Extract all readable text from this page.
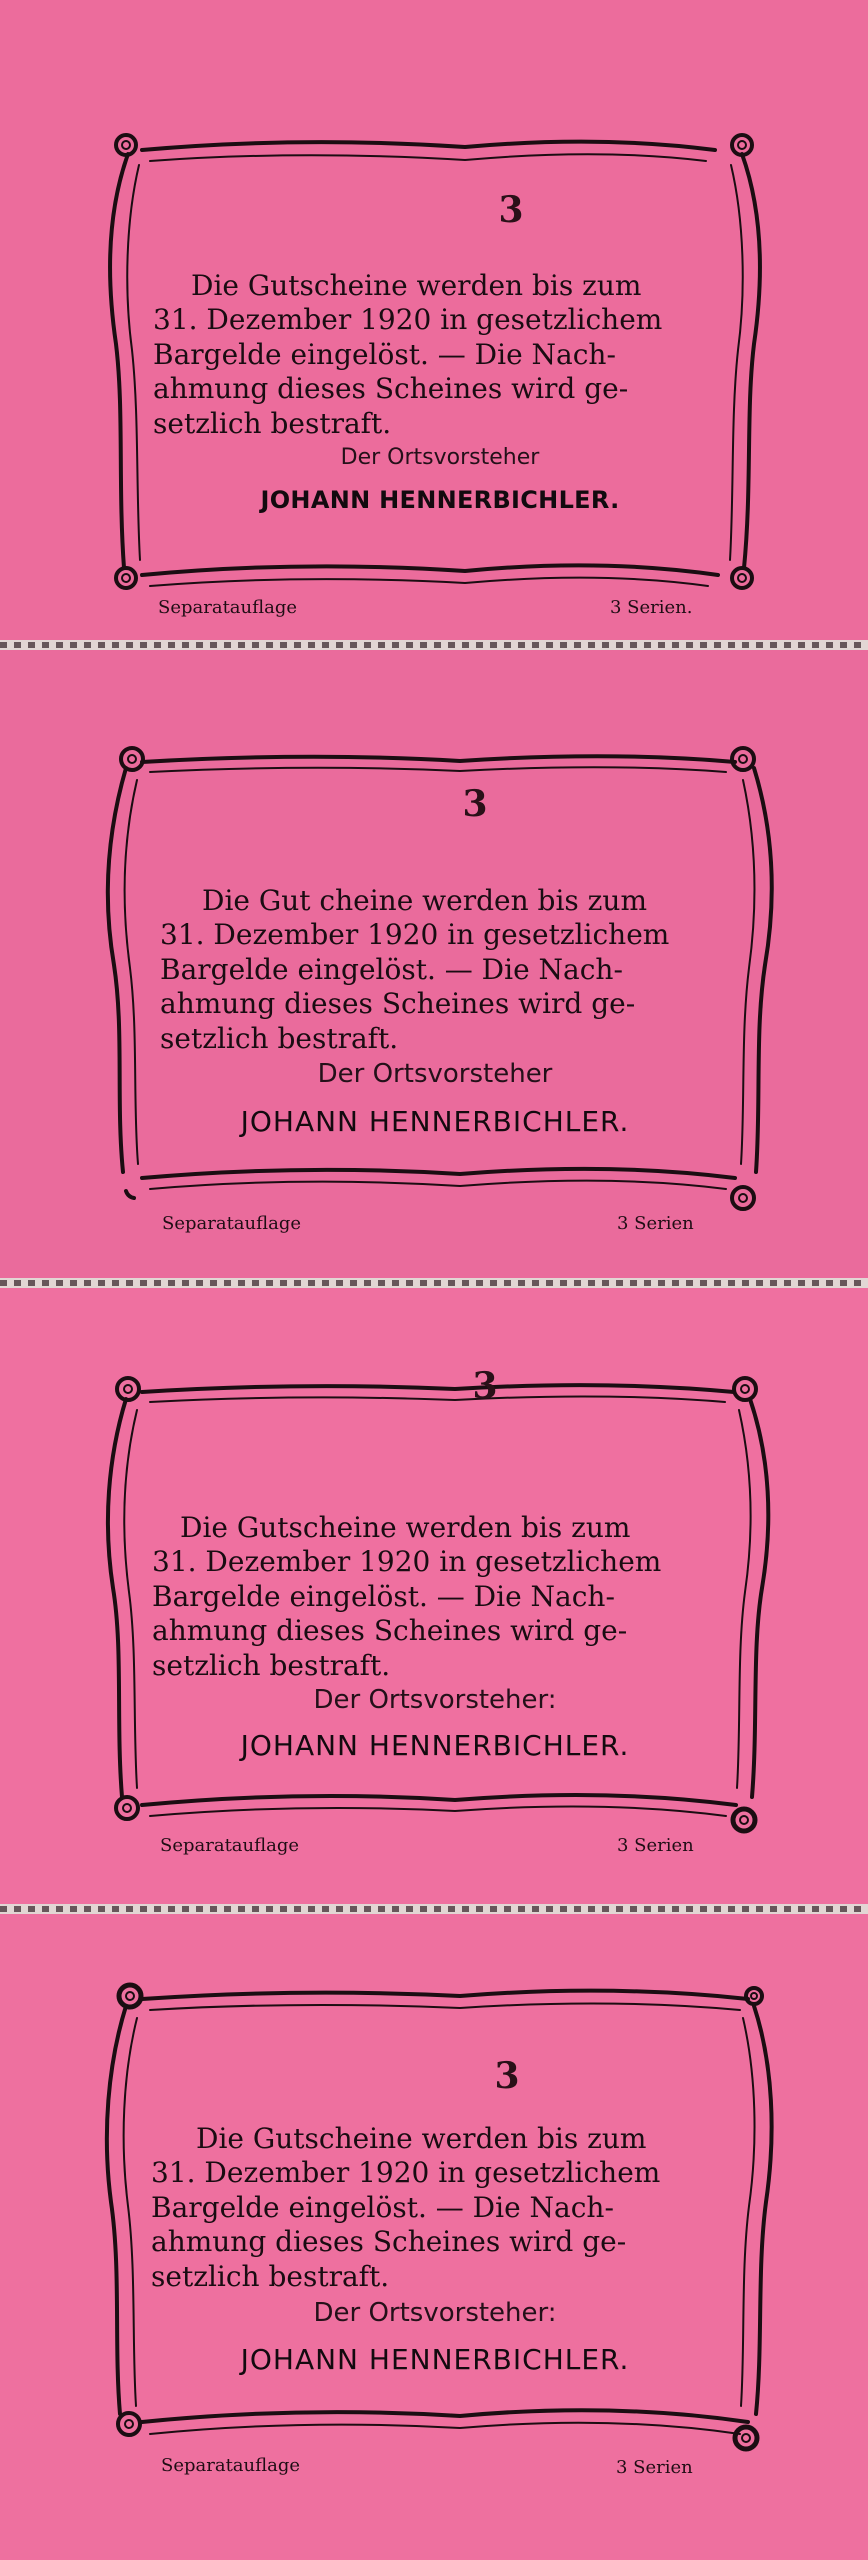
3
Die Gutscheine werden bis zum
31. Dezember 1920 in gesetzlichem
Bargelde eingelöst. — Die Nach-
ahmung dieses Scheines wird ge-
setzlich bestraft.
Der Ortsvorsteher
JOHANN HENNERBICHLER.
Separatauflage	3 Serien.
3
Die Gut cheine werden bis zum
31. Dezember 1920 in gesetzlichem
Bargelde eingelöst. — Die Nach-
ahmung dieses Scheines wird ge-
setzlich bestraft.
Der Ortsvorsteher
JOHANN HENNERBICHLER.
Separatauflage	3 Serien
3
Die Gutscheine werden bis zum
31. Dezember 1920 in gesetzlichem
Bargelde eingelöst. — Die Nach-
ahmung dieses Scheines wird ge-
setzlich bestraft.
Der Ortsvorsteher:
JOHANN HENNERBICHLER.
Separatauflage	3 Serien
3
Die Gutscheine werden bis zum
31. Dezember 1920 in gesetzlichem
Bargelde eingelöst. — Die Nach-
ahmung dieses Scheines wird ge-
setzlich bestraft.
Der Ortsvorsteher:
JOHANN HENNERBICHLER.
Separatauflage	3 Serien
